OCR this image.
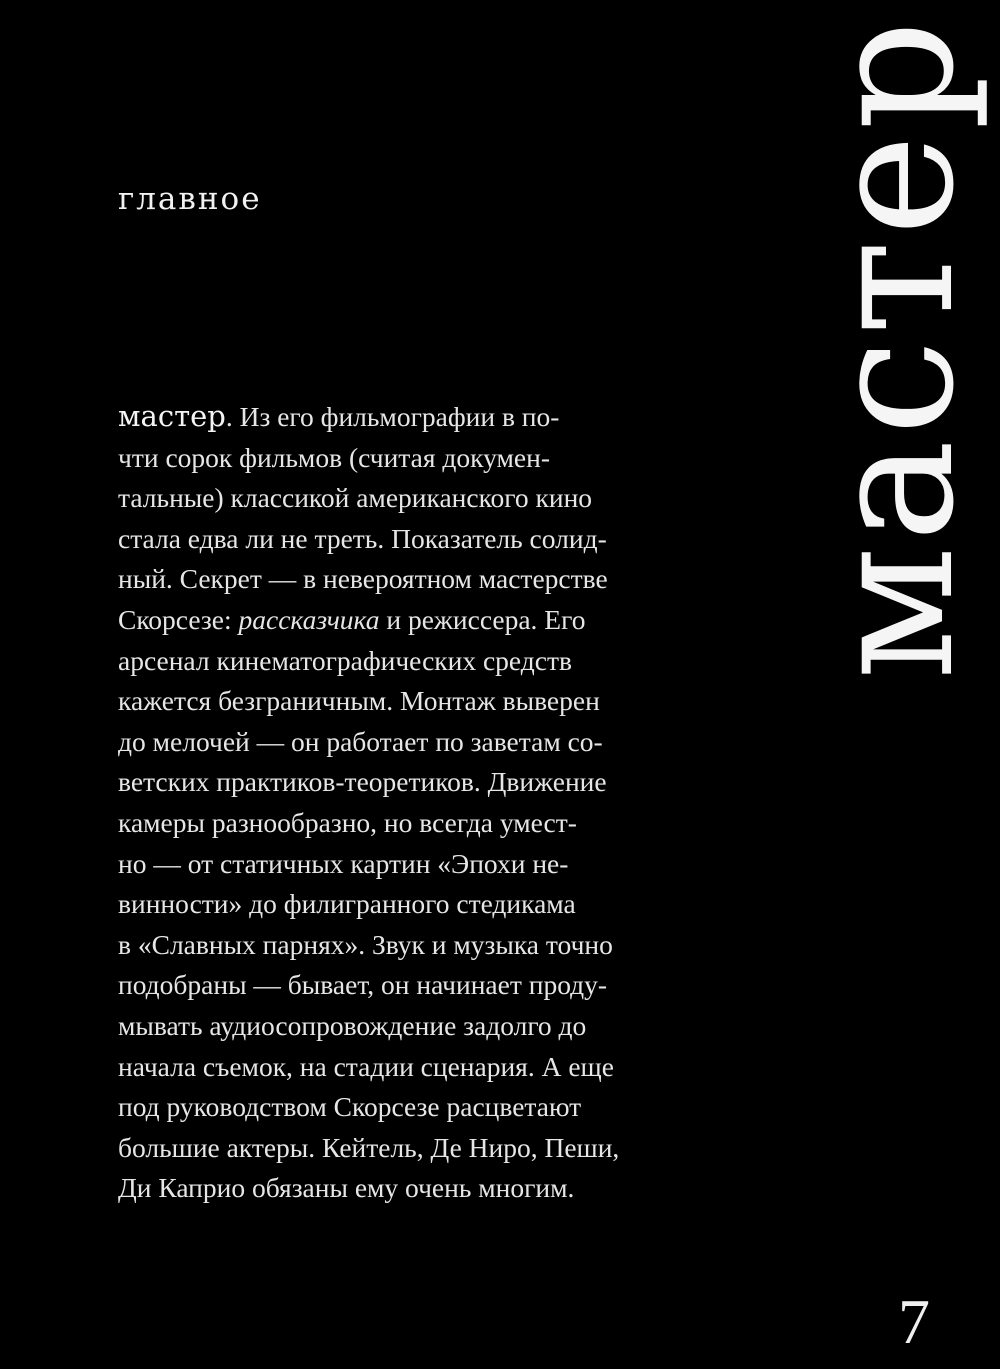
главное

мастер. Из его фильмографии в по-
чти сорок фильмов (считая докумен-
тальные) классикой американского кино
стала едва ли не треть. Показатель солид-
ный. Секрет — в невероятном мастерстве
Скорсезе: рассказчика и режиссера. Его
арсенал кинематографических средств
кажется безграничным. Монтаж выверен
до мелочей — он работает по заветам со-
ветских практиков-теоретиков. Движение
камеры разнообразно, но всегда умест-
но — от статичных картин «Эпохи не-
винности» до филигранного стедикама
в «Славных парнях». Звук и музыка точно
подобраны — бывает, он начинает проду-
мывать аудиосопровождение задолго до
начала съемок, на стадии сценария. А еще
под руководством Скорсезе расцветают
большие актеры. Кейтель, Де Ниро, Пеши,
Ди Каприо обязаны ему очень многим.

мастер
7
